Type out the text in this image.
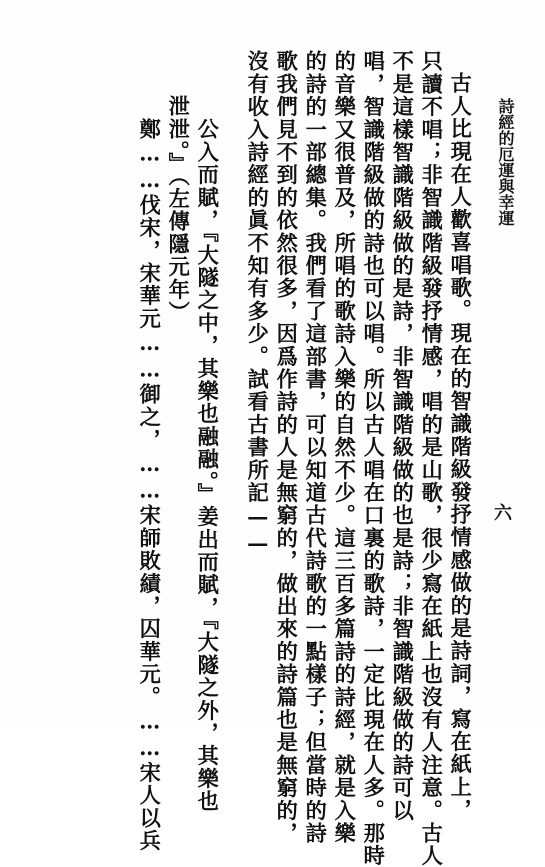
詩經的厄運與幸運
六
古人比現在人歡喜唱歌。現在的智識階級發抒情感做的是詩詞，寫在紙上，
只讀不唱；非智識階級發抒情感，唱的是山歌，很少寫在紙上也沒有人注意。古人
不是這樣智識階級做的是詩，非智識階級做的也是詩；非智識階級做的詩可以
唱，智識階級做的詩也可以唱。所以古人唱在口裏的歌詩，一定比現在人多。那時
的音樂又很普及，所唱的歌詩入樂的自然不少。這三百多篇詩的詩經，就是入樂
的詩的一部總集。我們看了這部書，可以知道古代詩歌的一點樣子；但當時的詩
歌我們見不到的依然很多，因爲作詩的人是無窮的，做出來的詩篇也是無窮的，
沒有收入詩經的眞不知有多少。試看古書所記——
公入而賦，『大隧之中，其樂也融融。』姜出而賦，『大隧之外，其樂也
泄泄。』（左傳隱元年）
鄭……伐宋，宋華元……御之，……宋師敗績，囚華元。……宋人以兵
